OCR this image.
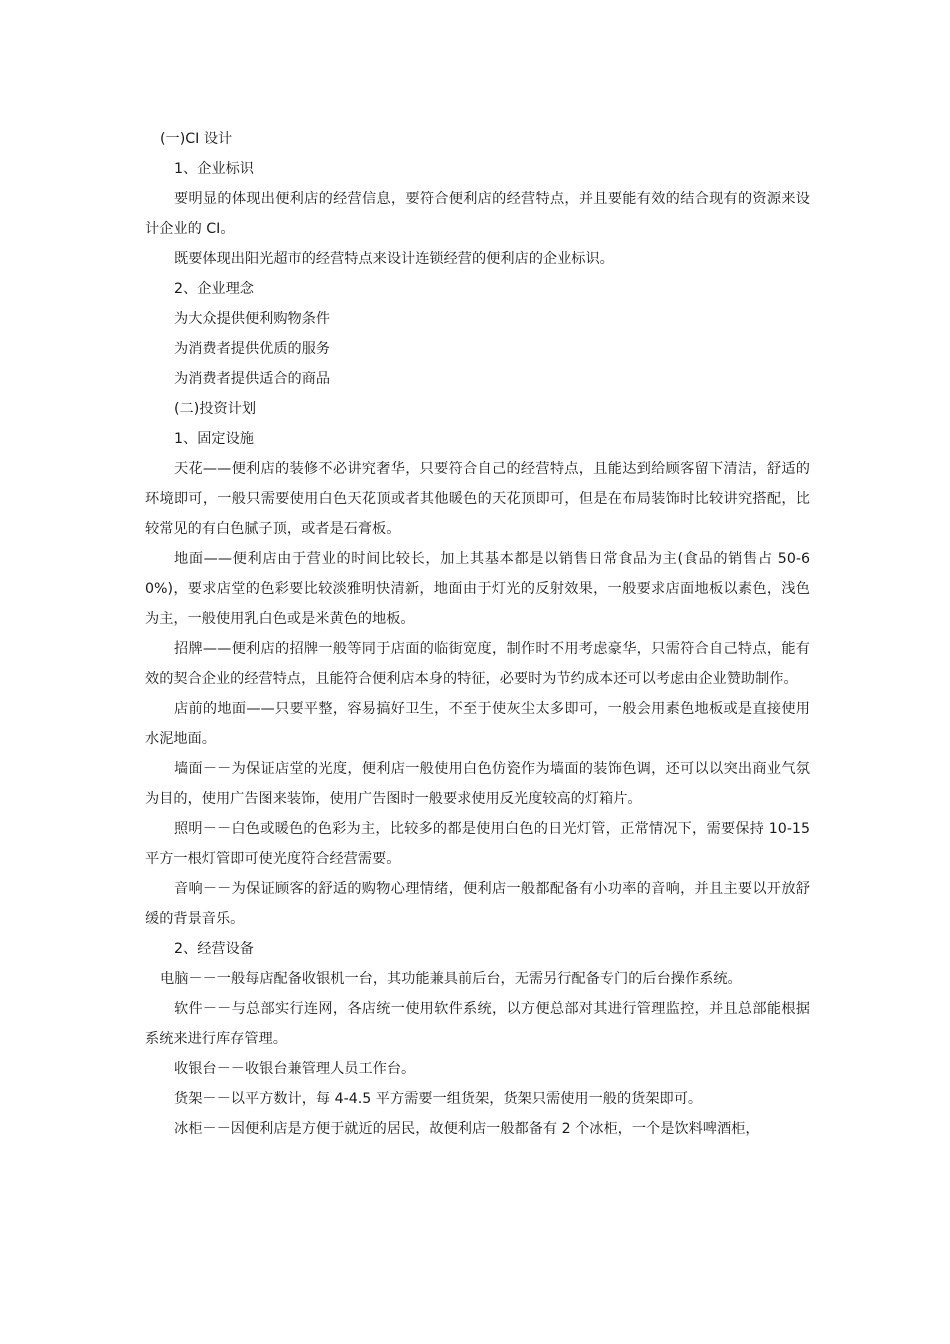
(一)CI 设计

1、企业标识

要明显的体现出便利店的经营信息，要符合便利店的经营特点，并且要能有效的结合现有的资源来设计企业的 CI。

既要体现出阳光超市的经营特点来设计连锁经营的便利店的企业标识。

2、企业理念

为大众提供便利购物条件

为消费者提供优质的服务

为消费者提供适合的商品

(二)投资计划

1、固定设施

天花——便利店的装修不必讲究奢华，只要符合自己的经营特点，且能达到给顾客留下清洁，舒适的环境即可，一般只需要使用白色天花顶或者其他暖色的天花顶即可，但是在布局装饰时比较讲究搭配，比较常见的有白色腻子顶，或者是石膏板。

地面——便利店由于营业的时间比较长，加上其基本都是以销售日常食品为主(食品的销售占 50-60%)，要求店堂的色彩要比较淡雅明快清新，地面由于灯光的反射效果，一般要求店面地板以素色，浅色为主，一般使用乳白色或是米黄色的地板。

招牌——便利店的招牌一般等同于店面的临街宽度，制作时不用考虑豪华，只需符合自己特点，能有效的契合企业的经营特点，且能符合便利店本身的特征，必要时为节约成本还可以考虑由企业赞助制作。

店前的地面——只要平整，容易搞好卫生，不至于使灰尘太多即可，一般会用素色地板或是直接使用水泥地面。

墙面－－为保证店堂的光度，便利店一般使用白色仿瓷作为墙面的装饰色调，还可以以突出商业气氛为目的，使用广告图来装饰，使用广告图时一般要求使用反光度较高的灯箱片。

照明－－白色或暖色的色彩为主，比较多的都是使用白色的日光灯管，正常情况下，需要保持 10-15 平方一根灯管即可使光度符合经营需要。

音响－－为保证顾客的舒适的购物心理情绪，便利店一般都配备有小功率的音响，并且主要以开放舒缓的背景音乐。

2、经营设备

电脑－－一般每店配备收银机一台，其功能兼具前后台，无需另行配备专门的后台操作系统。

软件－－与总部实行连网，各店统一使用软件系统，以方便总部对其进行管理监控，并且总部能根据系统来进行库存管理。

收银台－－收银台兼管理人员工作台。

货架－－以平方数计，每 4-4.5 平方需要一组货架，货架只需使用一般的货架即可。

冰柜－－因便利店是方便于就近的居民，故便利店一般都备有 2 个冰柜，一个是饮料啤酒柜，
